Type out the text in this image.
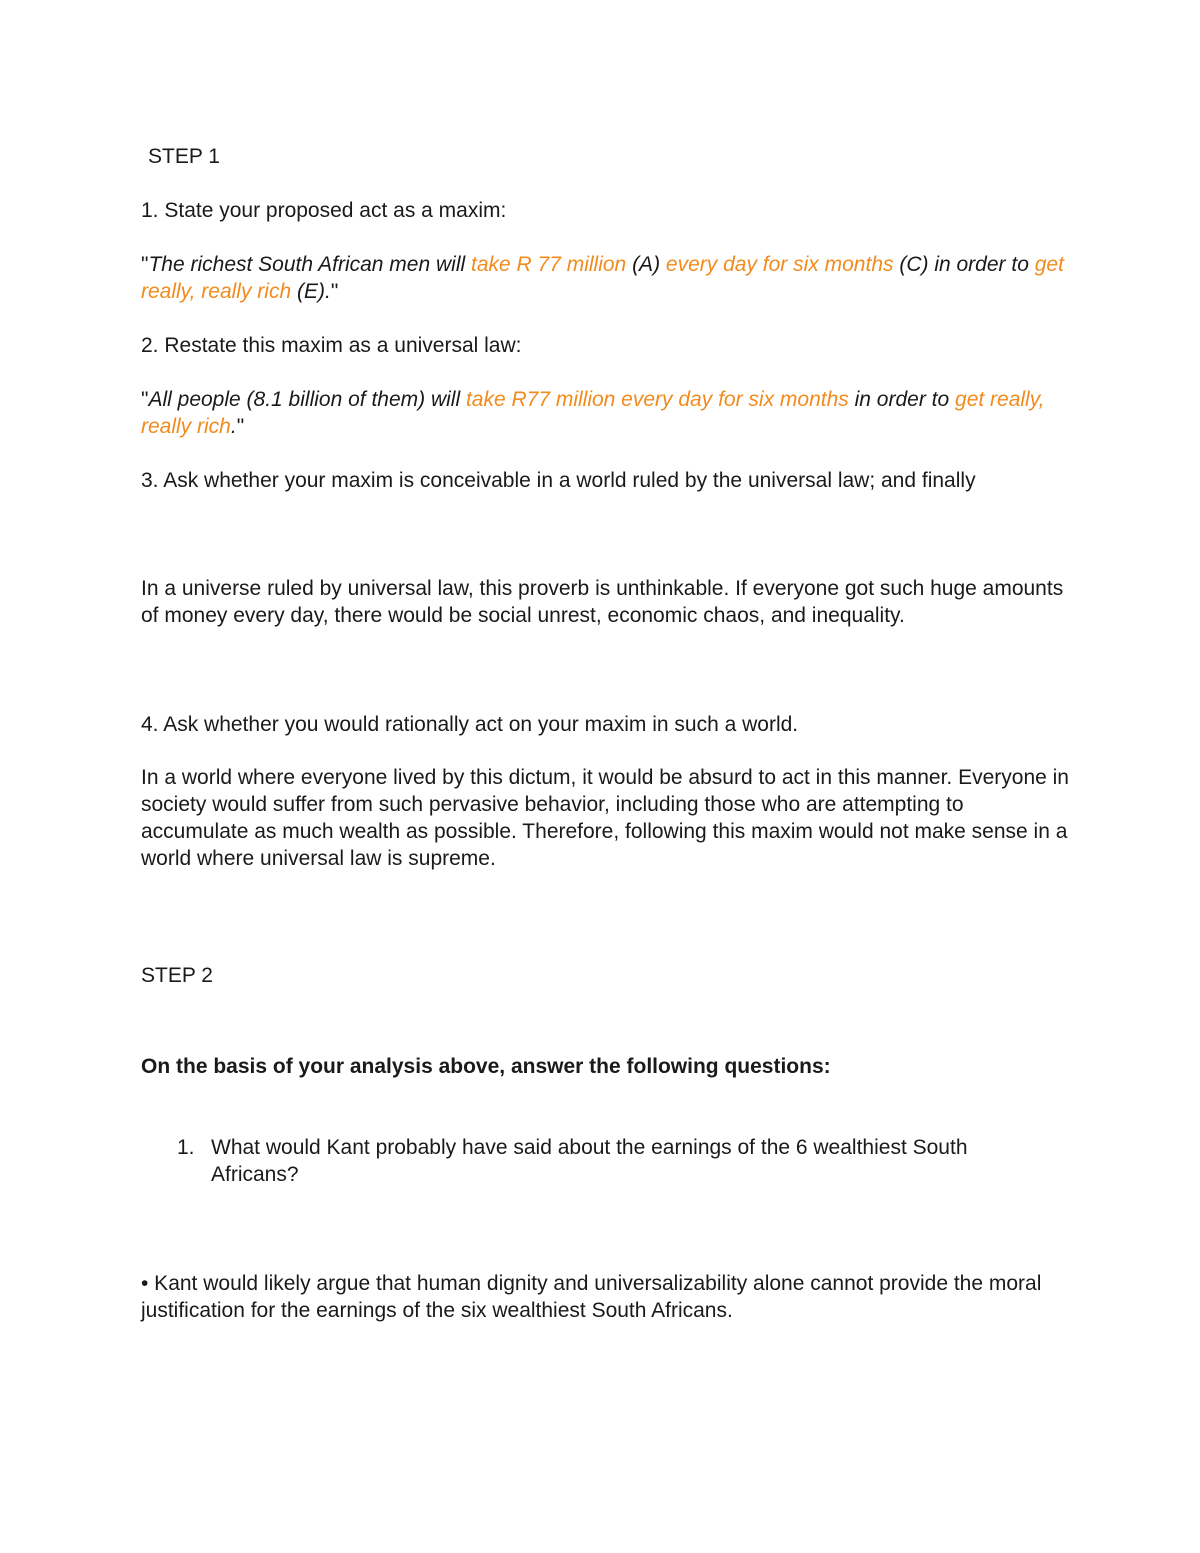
STEP 1

1. State your proposed act as a maxim:

"The richest South African men will take R 77 million (A) every day for six months (C) in order to get really, really rich (E)."

2. Restate this maxim as a universal law:

"All people (8.1 billion of them) will take R77 million every day for six months in order to get really, really rich."

3. Ask whether your maxim is conceivable in a world ruled by the universal law; and finally

In a universe ruled by universal law, this proverb is unthinkable. If everyone got such huge amounts of money every day, there would be social unrest, economic chaos, and inequality.

4. Ask whether you would rationally act on your maxim in such a world.

In a world where everyone lived by this dictum, it would be absurd to act in this manner. Everyone in society would suffer from such pervasive behavior, including those who are attempting to accumulate as much wealth as possible. Therefore, following this maxim would not make sense in a world where universal law is supreme.

STEP 2

On the basis of your analysis above, answer the following questions:

1. What would Kant probably have said about the earnings of the 6 wealthiest South Africans?

• Kant would likely argue that human dignity and universalizability alone cannot provide the moral justification for the earnings of the six wealthiest South Africans.
